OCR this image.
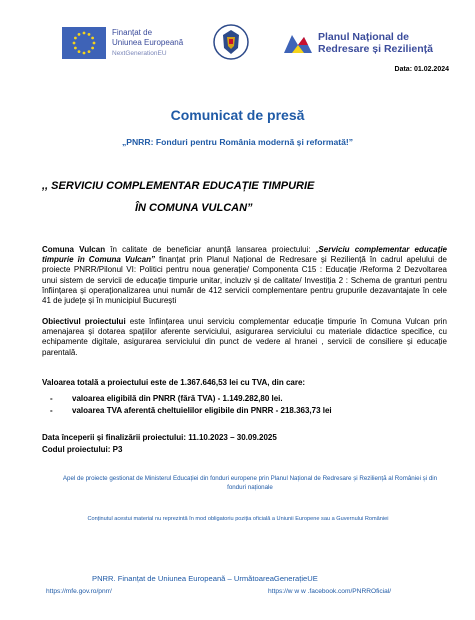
Finanțat de
Uniunea Europeană
NextGenerationEU
Planul Național de
Redresare și Reziliență
Data: 01.02.2024
Comunicat de presă
„PNRR: Fonduri pentru România modernă și reformată!”
,, SERVICIU COMPLEMENTAR EDUCAȚIE TIMPURIE
ÎN COMUNA VULCAN”
Comuna Vulcan în calitate de beneficiar anunță lansarea proiectului: „Serviciu complementar educație timpurie în Comuna Vulcan” finanțat prin Planul Național de Redresare și Reziliență în cadrul apelului de proiecte PNRR/Pilonul VI: Politici pentru noua generație/ Componenta C15 : Educație /Reforma 2 Dezvoltarea unui sistem de servicii de educație timpurie unitar, incluziv și de calitate/ Investiția 2 : Schema de granturi pentru înființarea și operaționalizarea unui număr de 412 servicii complementare pentru grupurile dezavantajate în cele 41 de județe și în municipiul București
Obiectivul proiectului este înființarea unui serviciu complementar educație timpurie în Comuna Vulcan prin amenajarea și dotarea spațiilor aferente serviciului, asigurarea serviciului cu materiale didactice specifice, cu echipamente digitale, asigurarea serviciului din punct de vedere al hranei , servicii de consiliere și educație parentală.
Valoarea totală a proiectului este de 1.367.646,53 lei cu TVA, din care:
- valoarea eligibilă din PNRR (fără TVA) - 1.149.282,80 lei.
- valoarea TVA aferentă cheltuielilor eligibile din PNRR - 218.363,73 lei
Data începerii și finalizării proiectului: 11.10.2023 – 30.09.2025
Codul proiectului: P3
Apel de proiecte gestionat de Ministerul Educației din fonduri europene prin Planul Național de Redresare și Reziliență al României și din fonduri naționale
Conținutul acestui material nu reprezintă în mod obligatoriu poziția oficială a Uniunii Europene sau a Guvernului României
PNRR. Finanțat de Uniunea Europeană – UrmătoareaGenerațieUE
https://mfe.gov.ro/pnrr/	https://w w w .facebook.com/PNRROficial/
